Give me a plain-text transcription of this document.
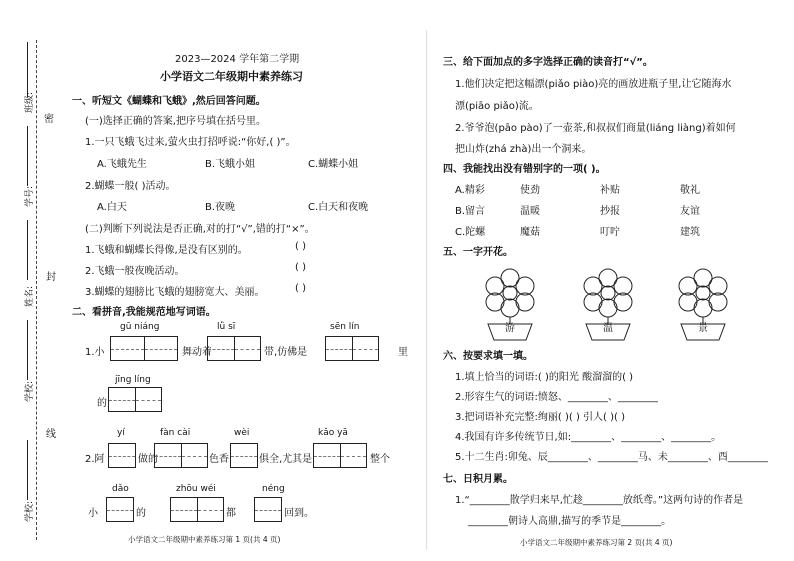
班级:
密
学号:
封
姓名:
学校:
线
学校:
2023—2024 学年第二学期
小学语文二年级期中素养练习
一、听短文《蝴蝶和飞蛾》,然后回答问题。
(一)选择正确的答案,把序号填在括号里。
1.一只飞蛾飞过来,萤火虫打招呼说:“你好,( )”。
A.飞蛾先生	B.飞蛾小姐	C.蝴蝶小姐
2.蝴蝶一般( )活动。
A.白天	B.夜晚	C.白天和夜晚
(二)判断下列说法是否正确,对的打“√”,错的打“×”。
1.飞蛾和蝴蝶长得像,是没有区别的。	( )
2.飞蛾一般夜晚活动。	( )
3.蝴蝶的翅膀比飞蛾的翅膀宽大、美丽。	( )
二、看拼音,我能规范地写词语。
gū niáng	lǜ sī	sēn lín
1.小	舞动着	带,仿佛是	里
jīng líng
的
yí	fàn cài	wèi	kǎo yā
2.阿	做的	色香	俱全,尤其是	整个
dǎo	zhōu wéi	néng
小	的	都	回到。
小学语文二年级期中素养练习第 1 页(共 4 页)
三、给下面加点的多字选择正确的读音打“√”。
1.他们决定把这幅漂(piǎo piào)亮的画放进瓶子里,让它随海水
漂(piāo piǎo)流。
2.爷爷泡(pāo pào)了一壶茶,和叔叔们商量(liáng liàng)着如何
把山炸(zhá zhà)出一个洞来。
四、我能找出没有错别字的一项( )。
A.精彩	使劲	补贴	敬礼
B.留言	温暖	抄报	友谊
C.陀螺	魔菇	叮咛	建筑
五、一字开花。
游	温	景
六、按要求填一填。
1.填上恰当的词语:( )的阳光 酸溜溜的( )
2.形容生气的词语:愤怒、________、________
3.把词语补充完整:绚丽( )( ) 引人( )( )
4.我国有许多传统节日,如:________、________、________。
5.十二生肖:卯兔、辰________、________马、未________、酉________
七、日积月累。
1.“________散学归来早,忙趁________放纸鸢。”这两句诗的作者是
________朝诗人高鼎,描写的季节是________。
小学语文二年级期中素养练习第 2 页(共 4 页)
